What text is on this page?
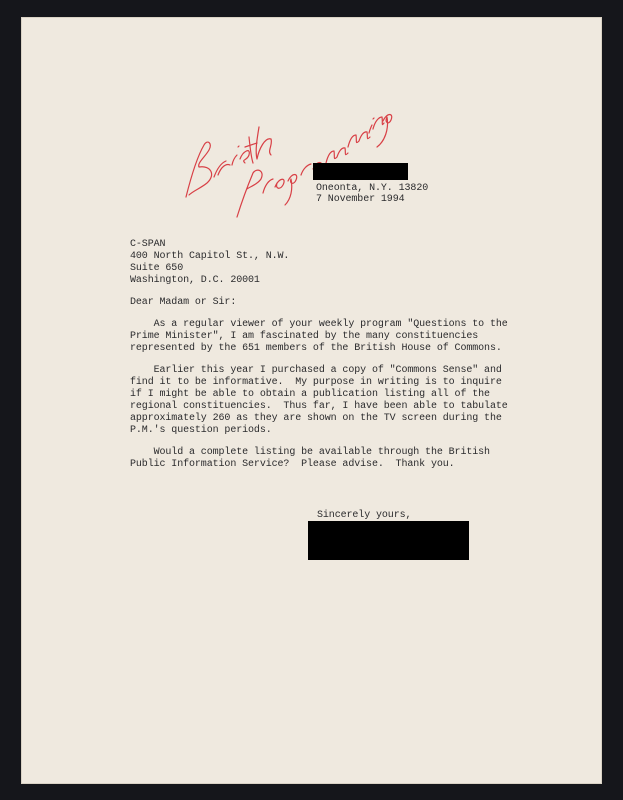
Oneonta, N.Y. 13820
7 November 1994
C-SPAN
400 North Capitol St., N.W.
Suite 650
Washington, D.C. 20001
Dear Madam or Sir:
As a regular viewer of your weekly program "Questions to the
Prime Minister", I am fascinated by the many constituencies
represented by the 651 members of the British House of Commons.
Earlier this year I purchased a copy of "Commons Sense" and
find it to be informative.  My purpose in writing is to inquire
if I might be able to obtain a publication listing all of the
regional constituencies.  Thus far, I have been able to tabulate
approximately 260 as they are shown on the TV screen during the
P.M.'s question periods.
Would a complete listing be available through the British
Public Information Service?  Please advise.  Thank you.
Sincerely yours,
